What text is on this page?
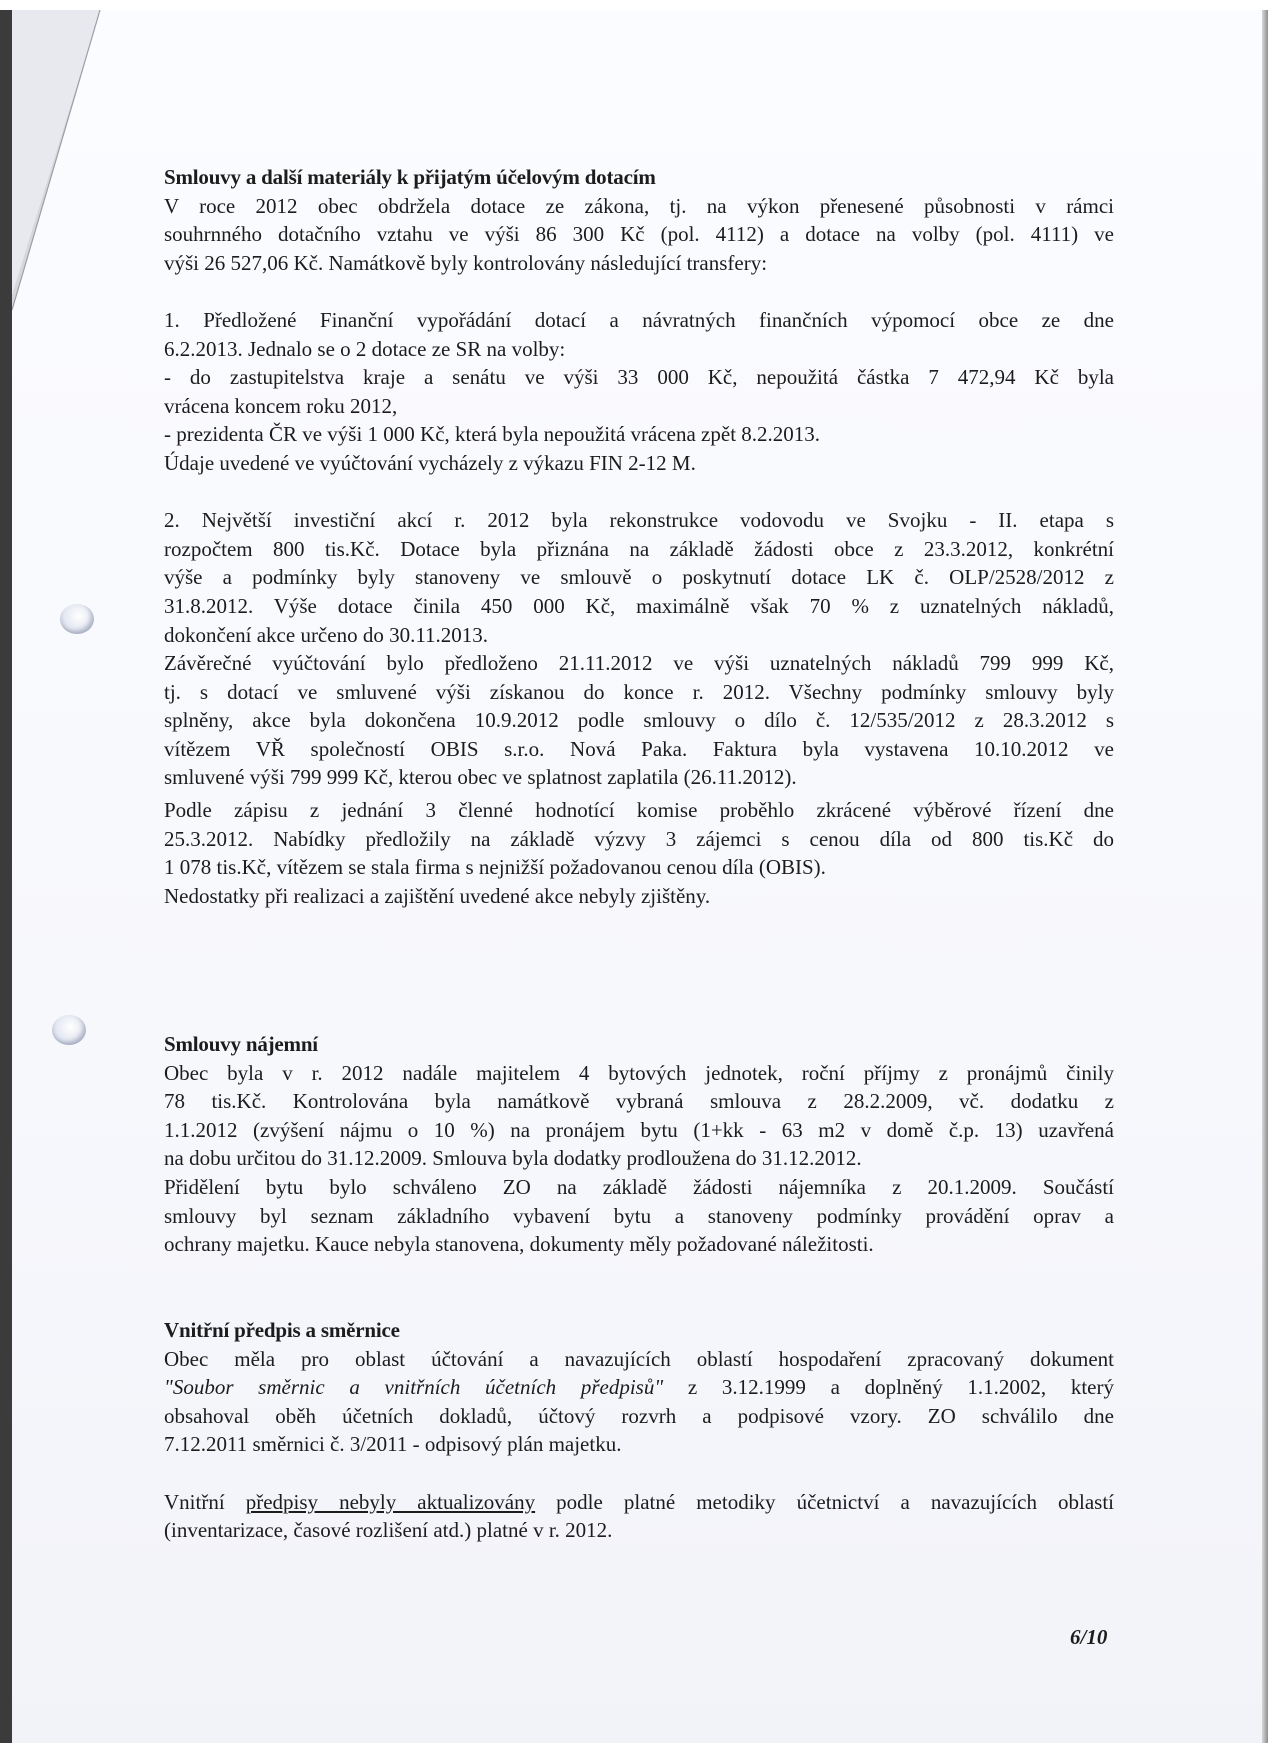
Smlouvy a další materiály k přijatým účelovým dotacím

V roce 2012 obec obdržela dotace ze zákona, tj. na výkon přenesené působnosti v rámci
souhrnného dotačního vztahu ve výši 86 300 Kč (pol. 4112) a dotace na volby (pol. 4111) ve
výši 26 527,06 Kč. Namátkově byly kontrolovány následující transfery:
1. Předložené Finanční vypořádání dotací a návratných finančních výpomocí obce ze dne
6.2.2013. Jednalo se o 2 dotace ze SR na volby:
- do zastupitelstva kraje a senátu ve výši 33 000 Kč, nepoužitá částka 7 472,94 Kč byla
vrácena koncem roku 2012,
- prezidenta ČR ve výši 1 000 Kč, která byla nepoužitá vrácena zpět 8.2.2013.
Údaje uvedené ve vyúčtování vycházely z výkazu FIN 2-12 M.
2. Největší investiční akcí r. 2012 byla rekonstrukce vodovodu ve Svojku - II. etapa s
rozpočtem 800 tis.Kč. Dotace byla přiznána na základě žádosti obce z 23.3.2012, konkrétní
výše a podmínky byly stanoveny ve smlouvě o poskytnutí dotace LK č. OLP/2528/2012 z
31.8.2012. Výše dotace činila 450 000 Kč, maximálně však 70 % z uznatelných nákladů,
dokončení akce určeno do 30.11.2013.
Závěrečné vyúčtování bylo předloženo 21.11.2012 ve výši uznatelných nákladů 799 999 Kč,
tj. s dotací ve smluvené výši získanou do konce r. 2012. Všechny podmínky smlouvy byly
splněny, akce byla dokončena 10.9.2012 podle smlouvy o dílo č. 12/535/2012 z 28.3.2012 s
vítězem VŘ společností OBIS s.r.o. Nová Paka. Faktura byla vystavena 10.10.2012 ve
smluvené výši 799 999 Kč, kterou obec ve splatnost zaplatila (26.11.2012).
Podle zápisu z jednání 3 členné hodnotící komise proběhlo zkrácené výběrové řízení dne
25.3.2012. Nabídky předložily na základě výzvy 3 zájemci s cenou díla od 800 tis.Kč do
1 078 tis.Kč, vítězem se stala firma s nejnižší požadovanou cenou díla (OBIS).
Nedostatky při realizaci a zajištění uvedené akce nebyly zjištěny.

Smlouvy nájemní

Obec byla v r. 2012 nadále majitelem 4 bytových jednotek, roční příjmy z pronájmů činily
78 tis.Kč. Kontrolována byla namátkově vybraná smlouva z 28.2.2009, vč. dodatku z
1.1.2012 (zvýšení nájmu o 10 %) na pronájem bytu (1+kk - 63 m2 v domě č.p. 13) uzavřená
na dobu určitou do 31.12.2009. Smlouva byla dodatky prodloužena do 31.12.2012.
Přidělení bytu bylo schváleno ZO na základě žádosti nájemníka z 20.1.2009. Součástí
smlouvy byl seznam základního vybavení bytu a stanoveny podmínky provádění oprav a
ochrany majetku. Kauce nebyla stanovena, dokumenty měly požadované náležitosti.

Vnitřní předpis a směrnice

Obec měla pro oblast účtování a navazujících oblastí hospodaření zpracovaný dokument
"Soubor směrnic a vnitřních účetních předpisů" z 3.12.1999 a doplněný 1.1.2002, který
obsahoval oběh účetních dokladů, účtový rozvrh a podpisové vzory. ZO schválilo dne
7.12.2011 směrnici č. 3/2011 - odpisový plán majetku.
Vnitřní předpisy nebyly aktualizovány podle platné metodiky účetnictví a navazujících oblastí
(inventarizace, časové rozlišení atd.) platné v r. 2012.
6/10
